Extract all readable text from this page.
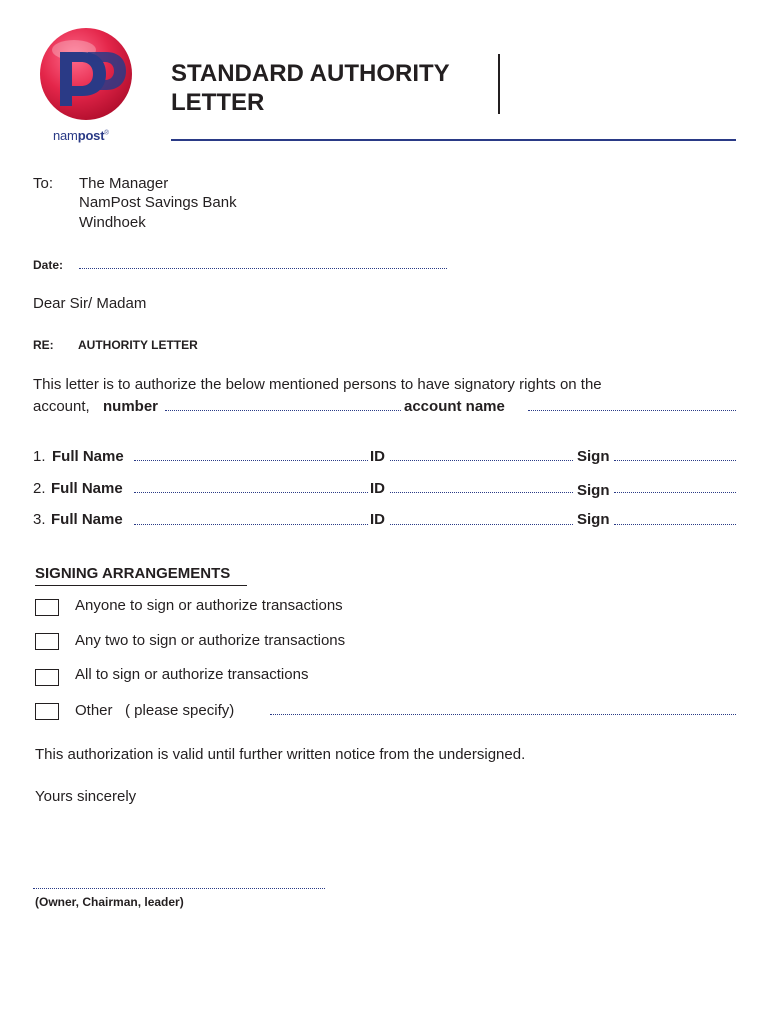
nampost®
STANDARD AUTHORITY
LETTER
To: The Manager
NamPost Savings Bank
Windhoek
Date:
Dear Sir/ Madam
RE: AUTHORITY LETTER
This letter is to authorize the below mentioned persons to have signatory rights on the
account, number	account name
1. Full Name	ID	Sign
2. Full Name	ID	Sign
3. Full Name	ID	Sign
SIGNING ARRANGEMENTS
Anyone to sign or authorize transactions
Any two to sign or authorize transactions
All to sign or authorize transactions
Other   ( please specify)
This authorization is valid until further written notice from the undersigned.
Yours sincerely
(Owner, Chairman, leader)
